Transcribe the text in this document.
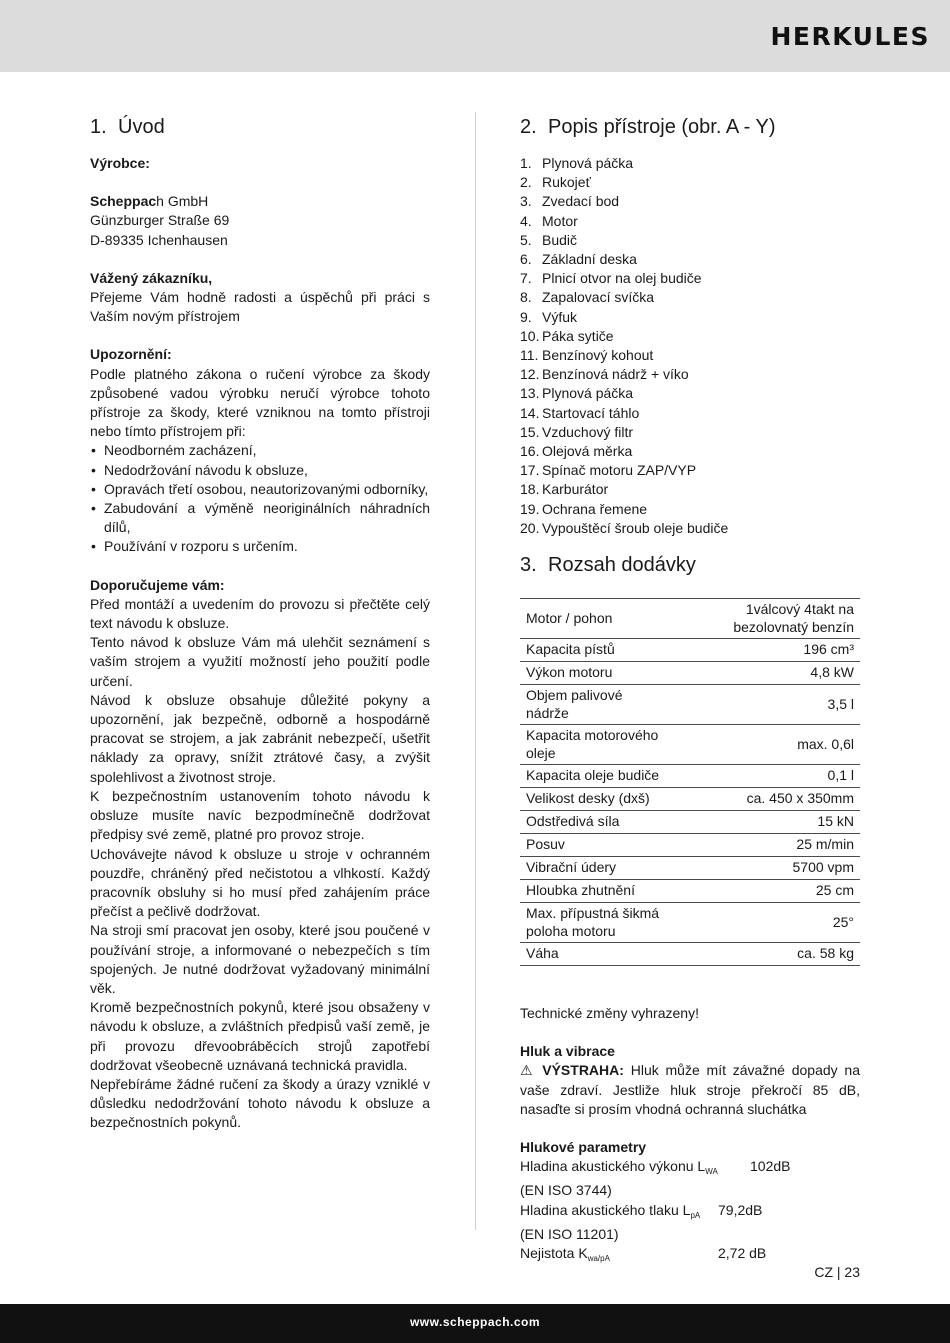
HERKULES
1. Úvod

Výrobce:

Scheppach GmbH

Günzburger Straße 69

D-89335 Ichenhausen

Vážený zákazníku,

Přejeme Vám hodně radosti a úspěchů při práci s Vaším novým přístrojem

Upozornění:

Podle platného zákona o ručení výrobce za škody způsobené vadou výrobku neručí výrobce tohoto přístroje za škody, které vzniknou na tomto přístroji nebo tímto přístrojem při:

• Neodborném zacházení,
• Nedodržování návodu k obsluze,
• Opravách třetí osobou, neautorizovanými odborníky,
• Zabudování a výměně neoriginálních náhradních dílů,
• Používání v rozporu s určením.

Doporučujeme vám:

Před montáží a uvedením do provozu si přečtěte celý text návodu k obsluze.

Tento návod k obsluze Vám má ulehčit seznámení s vaším strojem a využití možností jeho použití podle určení.

Návod k obsluze obsahuje důležité pokyny a upozornění, jak bezpečně, odborně a hospodárně pracovat se strojem, a jak zabránit nebezpečí, ušetřit náklady za opravy, snížit ztrátové časy, a zvýšit spolehlivost a životnost stroje.

K bezpečnostním ustanovením tohoto návodu k obsluze musíte navíc bezpodmínečně dodržovat předpisy své země, platné pro provoz stroje.

Uchovávejte návod k obsluze u stroje v ochranném pouzdře, chráněný před nečistotou a vlhkostí. Každý pracovník obsluhy si ho musí před zahájením práce přečíst a pečlivě dodržovat.

Na stroji smí pracovat jen osoby, které jsou poučené v používání stroje, a informované o nebezpečích s tím spojených. Je nutné dodržovat vyžadovaný minimální věk.

Kromě bezpečnostních pokynů, které jsou obsaženy v návodu k obsluze, a zvláštních předpisů vaší země, je při provozu dřevoobráběcích strojů zapotřebí dodržovat všeobecně uznávaná technická pravidla.

Nepřebíráme žádné ručení za škody a úrazy vzniklé v důsledku nedodržování tohoto návodu k obsluze a bezpečnostních pokynů.

2. Popis přístroje (obr. A - Y)
1. Plynová páčka
2. Rukojeť
3. Zvedací bod
4. Motor
5. Budič
6. Základní deska
7. Plnicí otvor na olej budiče
8. Zapalovací svíčka
9. Výfuk
10. Páka sytiče
11. Benzínový kohout
12. Benzínová nádrž + víko
13. Plynová páčka
14. Startovací táhlo
15. Vzduchový filtr
16. Olejová měrka
17. Spínač motoru ZAP/VYP
18. Karburátor
19. Ochrana řemene
20. Vypouštěcí šroub oleje budiče
3. Rozsah dodávky
Motor / pohon	1válcový 4takt na bezolovnatý benzín
Kapacita pístů	196 cm³
Výkon motoru	4,8 kW
Objem palivové nádrže	3,5 l
Kapacita motorového oleje	max. 0,6l
Kapacita oleje budiče	0,1 l
Velikost desky (dxš)	ca. 450 x 350mm
Odstředivá síla	15 kN
Posuv	25 m/min
Vibrační údery	5700 vpm
Hloubka zhutnění	25 cm
Max. přípustná šikmá poloha motoru	25°
Váha	ca. 58 kg

Technické změny vyhrazeny!

Hluk a vibrace

⚠ VÝSTRAHA: Hluk může mít závažné dopady na vaše zdraví. Jestliže hluk stroje překročí 85 dB, nasaďte si prosím vhodná ochranná sluchátka

Hlukové parametry

Hladina akustického výkonu $L_{WA}$	102dB

(EN ISO 3744)

Hladina akustického tlaku $L_{pA}$	79,2dB

(EN ISO 11201)

Nejistota $K_{wa/pA}$	2,72 dB
CZ | 23
www.scheppach.com
